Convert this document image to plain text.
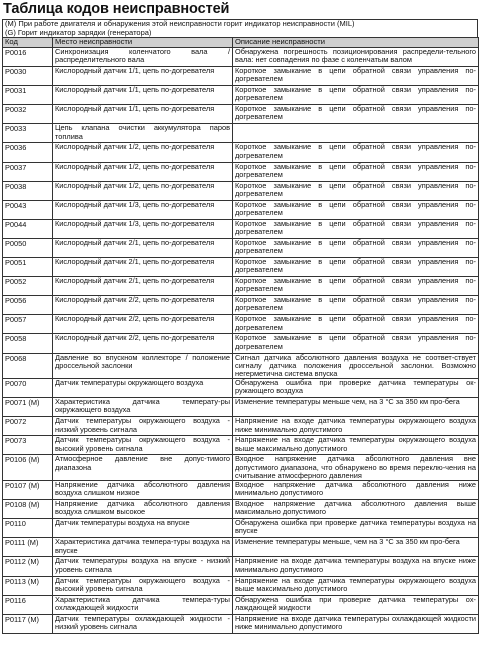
Таблица кодов неисправностей
(M) При работе двигателя и обнаружения этой неисправности горит индикатор неисправности (MIL)
(G) Горит индикатор зарядки (генератора)
Код	Место неисправности	Описание неисправности
P0016	Синхронизация коленчатого вала / распределительного вала	Обнаружена погрешность позиционирования распредели-тельного вала: нет совпадения по фазе с коленчатым валом
P0030	Кислородный датчик 1/1, цепь по-догревателя	Короткое замыкание в цепи обратной связи управления по-догревателем
P0031	Кислородный датчик 1/1, цепь по-догревателя	Короткое замыкание в цепи обратной связи управления по-догревателем
P0032	Кислородный датчик 1/1, цепь по-догревателя	Короткое замыкание в цепи обратной связи управления по-догревателем
P0033	Цепь клапана очистки аккумулятора паров топлива	
P0036	Кислородный датчик 1/2, цепь по-догревателя	Короткое замыкание в цепи обратной связи управления по-догревателем
P0037	Кислородный датчик 1/2, цепь по-догревателя	Короткое замыкание в цепи обратной связи управления по-догревателем
P0038	Кислородный датчик 1/2, цепь по-догревателя	Короткое замыкание в цепи обратной связи управления по-догревателем
P0043	Кислородный датчик 1/3, цепь по-догревателя	Короткое замыкание в цепи обратной связи управления по-догревателем
P0044	Кислородный датчик 1/3, цепь по-догревателя	Короткое замыкание в цепи обратной связи управления по-догревателем
P0050	Кислородный датчик 2/1, цепь по-догревателя	Короткое замыкание в цепи обратной связи управления по-догревателем
P0051	Кислородный датчик 2/1, цепь по-догревателя	Короткое замыкание в цепи обратной связи управления по-догревателем
P0052	Кислородный датчик 2/1, цепь по-догревателя	Короткое замыкание в цепи обратной связи управления по-догревателем
P0056	Кислородный датчик 2/2, цепь по-догревателя	Короткое замыкание в цепи обратной связи управления по-догревателем
P0057	Кислородный датчик 2/2, цепь по-догревателя	Короткое замыкание в цепи обратной связи управления по-догревателем
P0058	Кислородный датчик 2/2, цепь по-догревателя	Короткое замыкание в цепи обратной связи управления по-догревателем
P0068	Давление во впускном коллекторе / положение дроссельной заслонки	Сигнал датчика абсолютного давления воздуха не соответ-ствует сигналу датчика положения дроссельной заслонки. Возможно негерметична система впуска
P0070	Датчик температуры окружающего воздуха	Обнаружена ошибка при проверке датчика температуры ок-ружающего воздуха
P0071 (M)	Характеристика датчика температу-ры окружающего воздуха	Изменение температуры меньше чем, на 3 °С за 350 км про-бега
P0072	Датчик температуры окружающего воздуха - низкий уровень сигнала	Напряжение на входе датчика температуры окружающего воздуха ниже минимально допустимого
P0073	Датчик температуры окружающего воздуха - высокий уровень сигнала	Напряжение на входе датчика температуры окружающего воздуха выше максимально допустимого
P0106 (M)	Атмосферное давление вне допус-тимого диапазона	Входное напряжение датчика абсолютного давления вне допустимого диапазона, что обнаружено во время переклю-чения на считывание атмосферного давления
P0107 (M)	Напряжение датчика абсолютного давления воздуха слишком низкое	Входное напряжение датчика абсолютного давления ниже минимально допустимого
P0108 (M)	Напряжение датчика абсолютного давления воздуха слишком высокое	Входное напряжение датчика абсолютного давления выше максимально допустимого
P0110	Датчик температуры воздуха на впуске	Обнаружена ошибка при проверке датчика температуры воздуха на впуске
P0111 (M)	Характеристика датчика темпера-туры воздуха на впуске	Изменение температуры меньше, чем на 3 °С за 350 км про-бега
P0112 (M)	Датчик температуры воздуха на впуске - низкий уровень сигнала	Напряжение на входе датчика температуры воздуха на впуске ниже минимально допустимого
P0113 (M)	Датчик температуры окружающего воздуха - высокий уровень сигнала	Напряжение на входе датчика температуры окружающего воздуха выше максимально допустимого
P0116	Характеристика датчика темпера-туры охлаждающей жидкости	Обнаружена ошибка при проверке датчика температуры ох-лаждающей жидкости
P0117 (M)	Датчик температуры охлаждающей жидкости - низкий уровень сигнала	Напряжение на входе датчика температуры охлаждающей жидкости ниже минимально допустимого
